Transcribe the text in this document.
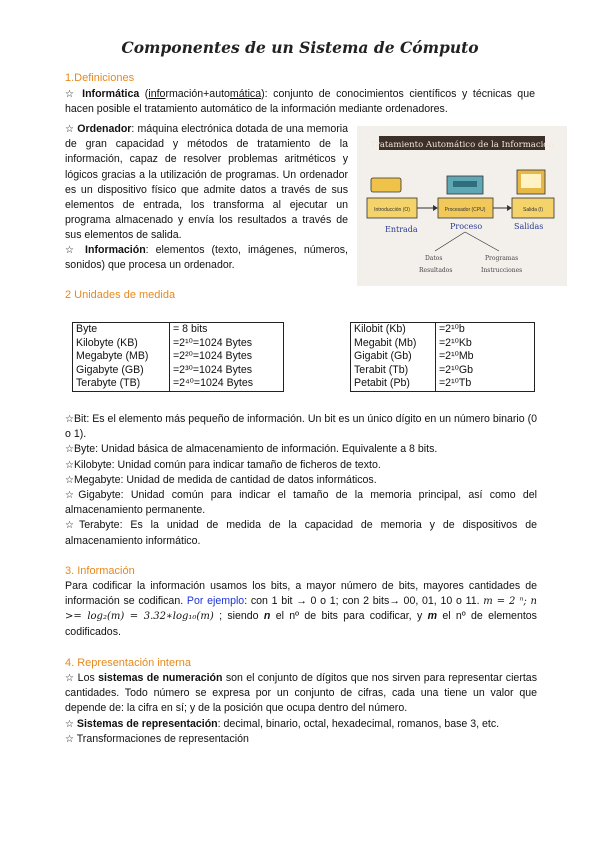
Componentes de un Sistema de Cómputo
1.Definiciones

☆ Informática (información+automática): conjunto de conocimientos científicos y técnicas que hacen posible el tratamiento automático de la información mediante ordenadores.

☆ Ordenador: máquina electrónica dotada de una memoria de gran capacidad y métodos de tratamiento de la información, capaz de resolver problemas aritméticos y lógicos gracias a la utilización de programas. Un ordenador es un dispositivo físico que admite datos a través de sus elementos de entrada, los transforma al ejecutar un programa almacenado y envía los resultados a través de sus elementos de salida.

☆ Información: elementos (texto, imágenes, números, sonidos) que procesa un ordenador.

Tratamiento Automático de la Información
Introducción (O)	Procesador (CPU)	Salida (I)
Entrada	Proceso	Salidas
Datos
Resultados
Programas
Instrucciones
2 Unidades de medida
Byte	= 8 bits
Kilobyte (KB)	=2¹⁰=1024 Bytes
Megabyte (MB)	=2²⁰=1024 Bytes
Gigabyte (GB)	=2³⁰=1024 Bytes
Terabyte (TB)	=2⁴⁰=1024 Bytes
Kilobit (Kb)	=2¹⁰b
Megabit (Mb)	=2¹⁰Kb
Gigabit (Gb)	=2¹⁰Mb
Terabit (Tb)	=2¹⁰Gb
Petabit (Pb)	=2¹⁰Tb

☆Bit: Es el elemento más pequeño de información. Un bit es un único dígito en un número binario (0 o 1).

☆Byte: Unidad básica de almacenamiento de información. Equivalente a 8 bits.

☆Kilobyte: Unidad común para indicar tamaño de ficheros de texto.

☆Megabyte: Unidad de medida de cantidad de datos informáticos.

☆Gigabyte: Unidad común para indicar el tamaño de la memoria principal, así como del almacenamiento permanente.

☆Terabyte: Es la unidad de medida de la capacidad de memoria y de dispositivos de almacenamiento informático.

3. Información

Para codificar la información usamos los bits, a mayor número de bits, mayores cantidades de información se codifican. Por ejemplo: con 1 bit → 0 o 1; con 2 bits→ 00, 01, 10 o 11. m = 2 ⁿ; n >= log₂(m) = 3.32∗log₁₀(m) ; siendo n el nº de bits para codificar, y m el nº de elementos codificados.

4. Representación interna

☆ Los sistemas de numeración son el conjunto de dígitos que nos sirven para representar ciertas cantidades. Todo número se expresa por un conjunto de cifras, cada una tiene un valor que depende de: la cifra en sí; y de la posición que ocupa dentro del número.

☆ Sistemas de representación: decimal, binario, octal, hexadecimal, romanos, base 3, etc.

☆ Transformaciones de representación
